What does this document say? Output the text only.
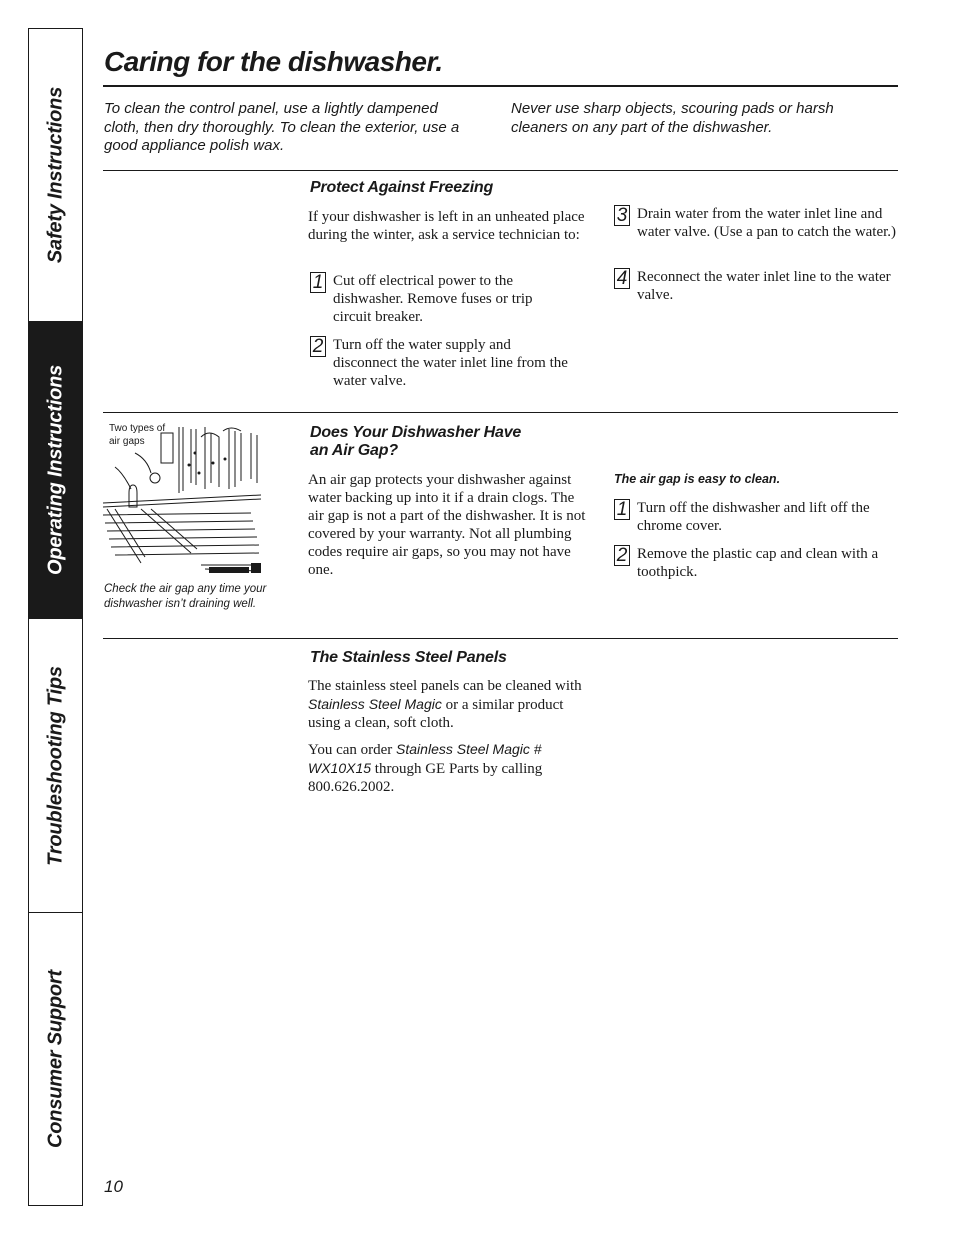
Safety Instructions
Operating Instructions
Troubleshooting Tips
Consumer Support
Caring for the dishwasher.
To clean the control panel, use a lightly dampened cloth, then dry thoroughly. To clean the exterior, use a good appliance polish wax.
Never use sharp objects, scouring pads or harsh cleaners on any part of the dishwasher.
Protect Against Freezing

If your dishwasher is left in an unheated place during the winter, ask a service technician to:

1 Cut off electrical power to the dishwasher. Remove fuses or trip circuit breaker.
2 Turn off the water supply and disconnect the water inlet line from the water valve.
3 Drain water from the water inlet line and water valve. (Use a pan to catch the water.)
4 Reconnect the water inlet line to the water valve.
Two types of
air gaps
Check the air gap any time your
dishwasher isn’t draining well.
Does Your Dishwasher Have
an Air Gap?

An air gap protects your dishwasher against water backing up into it if a drain clogs. The air gap is not a part of the dishwasher. It is not covered by your warranty. Not all plumbing codes require air gaps, so you may not have one.

The air gap is easy to clean.

1 Turn off the dishwasher and lift off the chrome cover.
2 Remove the plastic cap and clean with a toothpick.
The Stainless Steel Panels

The stainless steel panels can be cleaned with Stainless Steel Magic or a similar product using a clean, soft cloth.

You can order Stainless Steel Magic # WX10X15 through GE Parts by calling 800.626.2002.

10
